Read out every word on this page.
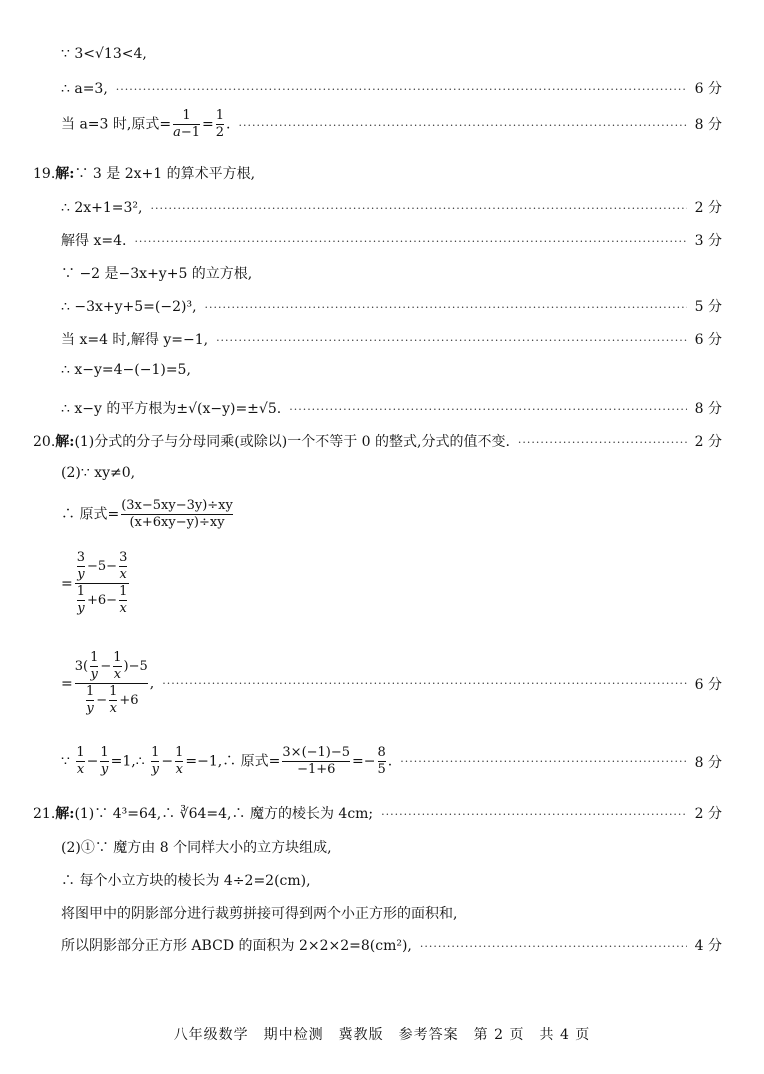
∵ 3<√13<4,
∴ a=3, ·····	6 分
当 a=3 时,原式= $\frac{1}{a-1} = \frac{1}{2}$ . ·····	8 分
19.解:∵ 3 是 2x+1 的算术平方根,
∴ 2x+1=3², ·····	2 分
解得 x=4. ·····	3 分
∵ −2 是−3x+y+5 的立方根,
∴ −3x+y+5=(−2)³, ·····	5 分
当 x=4 时,解得 y=−1, ·····	6 分
∴ x−y=4−(−1)=5,
∴ x−y 的平方根为±√(x−y)=±√5. ·····	8 分
20.解:(1)分式的分子与分母同乘(或除以)一个不等于 0 的整式,分式的值不变. ·····	2 分
(2)∵ xy≠0,
∴ 原式= $\frac{(3x-5xy-3y)\div xy}{(x+6xy-y)\div xy}$
= $\frac{\frac{3}{y} -5- \frac{3}{x}}{\frac{1}{y} +6- \frac{1}{x}}$
= $\frac{3( \frac{1}{y} - \frac{1}{x} )-5}{\frac{1}{y} - \frac{1}{x} +6}$ , ·····	6 分
∵ $\frac{1}{x} - \frac{1}{y}$ =1,∴ $\frac{1}{y} - \frac{1}{x}$ =−1,∴ 原式= $\frac{3\times(-1)-5}{-1+6} =- \frac{8}{5}$ . ·····	8 分
21.解:(1)∵ 4³=64,∴ ∛64=4,∴ 魔方的棱长为 4cm; ·····	2 分
(2)①∵ 魔方由 8 个同样大小的立方块组成,
∴ 每个小立方块的棱长为 4÷2=2(cm),
将图甲中的阴影部分进行裁剪拼接可得到两个小正方形的面积和,
所以阴影部分正方形 ABCD 的面积为 2×2×2=8(cm²), ·····	4 分
八年级数学　期中检测　冀教版　参考答案　第 2 页　共 4 页
